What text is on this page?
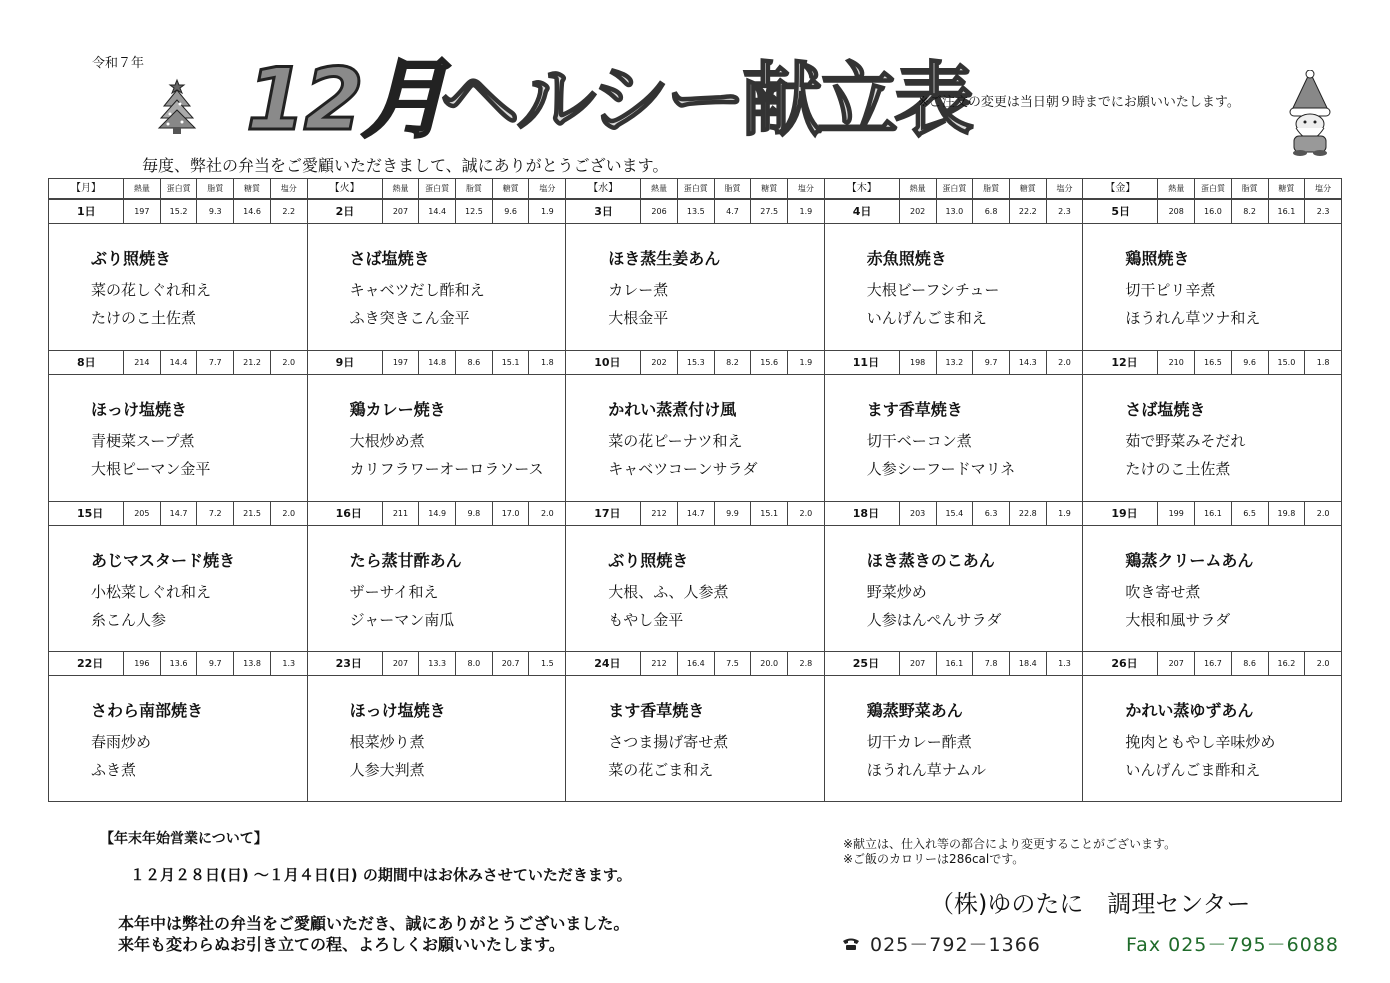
令和７年 12月
ヘルシー献立表
※ご注文の変更は当日朝９時までにお願いいたします。
毎度、弊社の弁当をご愛顧いただきまして、誠にありがとうございます。
【月】	熱量	蛋白質	脂質	糖質	塩分	【火】	熱量	蛋白質	脂質	糖質	塩分	【水】	熱量	蛋白質	脂質	糖質	塩分	【木】	熱量	蛋白質	脂質	糖質	塩分	【金】	熱量	蛋白質	脂質	糖質	塩分
1日	197	15.2	9.3	14.6	2.2
ぶり照焼き
菜の花しぐれ和え
たけのこ土佐煮
2日	207	14.4	12.5	9.6	1.9
さば塩焼き
キャベツだし酢和え
ふき突きこん金平
3日	206	13.5	4.7	27.5	1.9
ほき蒸生姜あん
カレー煮
大根金平
4日	202	13.0	6.8	22.2	2.3
赤魚照焼き
大根ビーフシチュー
いんげんごま和え
5日	208	16.0	8.2	16.1	2.3
鶏照焼き
切干ピリ辛煮
ほうれん草ツナ和え
8日	214	14.4	7.7	21.2	2.0
ほっけ塩焼き
青梗菜スープ煮
大根ピーマン金平
9日	197	14.8	8.6	15.1	1.8
鶏カレー焼き
大根炒め煮
カリフラワーオーロラソース
10日	202	15.3	8.2	15.6	1.9
かれい蒸煮付け風
菜の花ピーナツ和え
キャベツコーンサラダ
11日	198	13.2	9.7	14.3	2.0
ます香草焼き
切干ベーコン煮
人参シーフードマリネ
12日	210	16.5	9.6	15.0	1.8
さば塩焼き
茹で野菜みそだれ
たけのこ土佐煮
15日	205	14.7	7.2	21.5	2.0
あじマスタード焼き
小松菜しぐれ和え
糸こん人参
16日	211	14.9	9.8	17.0	2.0
たら蒸甘酢あん
ザーサイ和え
ジャーマン南瓜
17日	212	14.7	9.9	15.1	2.0
ぶり照焼き
大根、ふ、人参煮
もやし金平
18日	203	15.4	6.3	22.8	1.9
ほき蒸きのこあん
野菜炒め
人参はんぺんサラダ
19日	199	16.1	6.5	19.8	2.0
鶏蒸クリームあん
吹き寄せ煮
大根和風サラダ
22日	196	13.6	9.7	13.8	1.3
さわら南部焼き
春雨炒め
ふき煮
23日	207	13.3	8.0	20.7	1.5
ほっけ塩焼き
根菜炒り煮
人参大判煮
24日	212	16.4	7.5	20.0	2.8
ます香草焼き
さつま揚げ寄せ煮
菜の花ごま和え
25日	207	16.1	7.8	18.4	1.3
鶏蒸野菜あん
切干カレー酢煮
ほうれん草ナムル
26日	207	16.7	8.6	16.2	2.0
かれい蒸ゆずあん
挽肉ともやし辛味炒め
いんげんごま酢和え
【年末年始営業について】
１２月２８日(日) ～１月４日(日) の期間中はお休みさせていただきます。
本年中は弊社の弁当をご愛顧いただき、誠にありがとうございました。
来年も変わらぬお引き立ての程、よろしくお願いいたします。
※献立は、仕入れ等の都合により変更することがございます。
※ご飯のカロリーは286calです。
（株)ゆのたに　調理センター
025－792－1366	Fax 025－795－6088
